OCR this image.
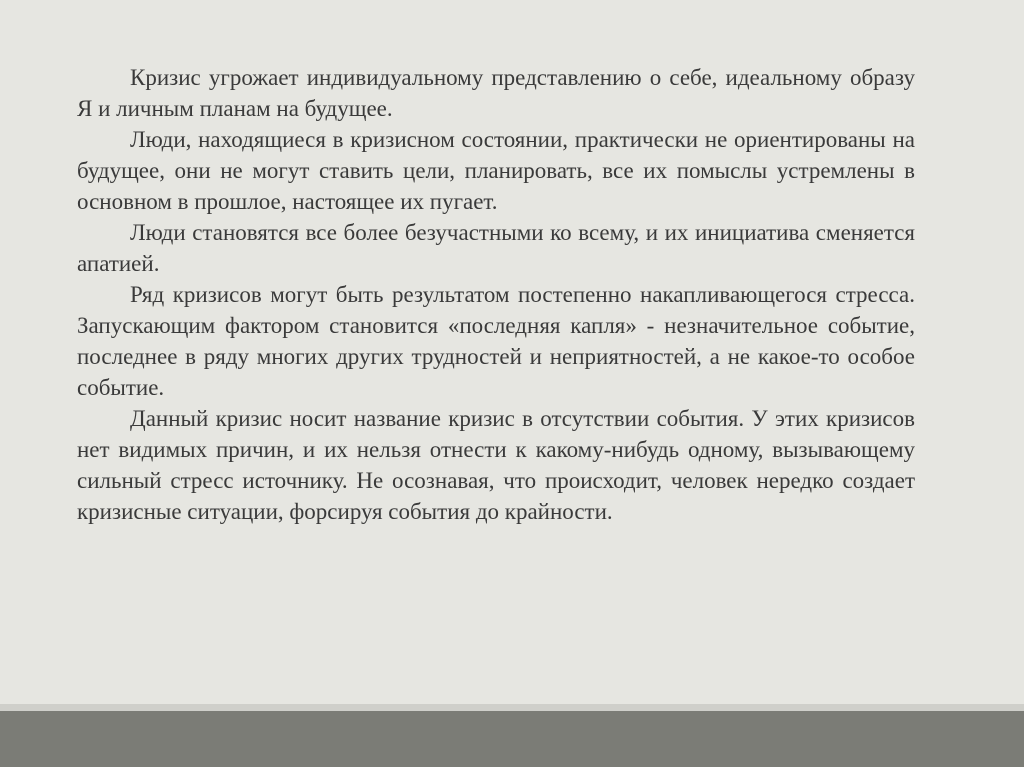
Кризис угрожает индивидуальному представлению о себе, идеальному образу Я и личным планам на будущее.

Люди, находящиеся в кризисном состоянии, практически не ориентированы на будущее, они не могут ставить цели, планировать, все их помыслы устремлены в основном в прошлое, настоящее их пугает.

Люди становятся все более безучастными ко всему, и их инициатива сменяется апатией.

Ряд кризисов могут быть результатом постепенно накапливающегося стресса. Запускающим фактором становится «последняя капля» - незначительное событие, последнее в ряду многих других трудностей и неприятностей, а не какое-то особое событие.

Данный кризис носит название кризис в отсутствии события. У этих кризисов нет видимых причин, и их нельзя отнести к какому-нибудь одному, вызывающему сильный стресс источнику. Не осознавая, что происходит, человек нередко создает кризисные ситуации, форсируя события до крайности.
